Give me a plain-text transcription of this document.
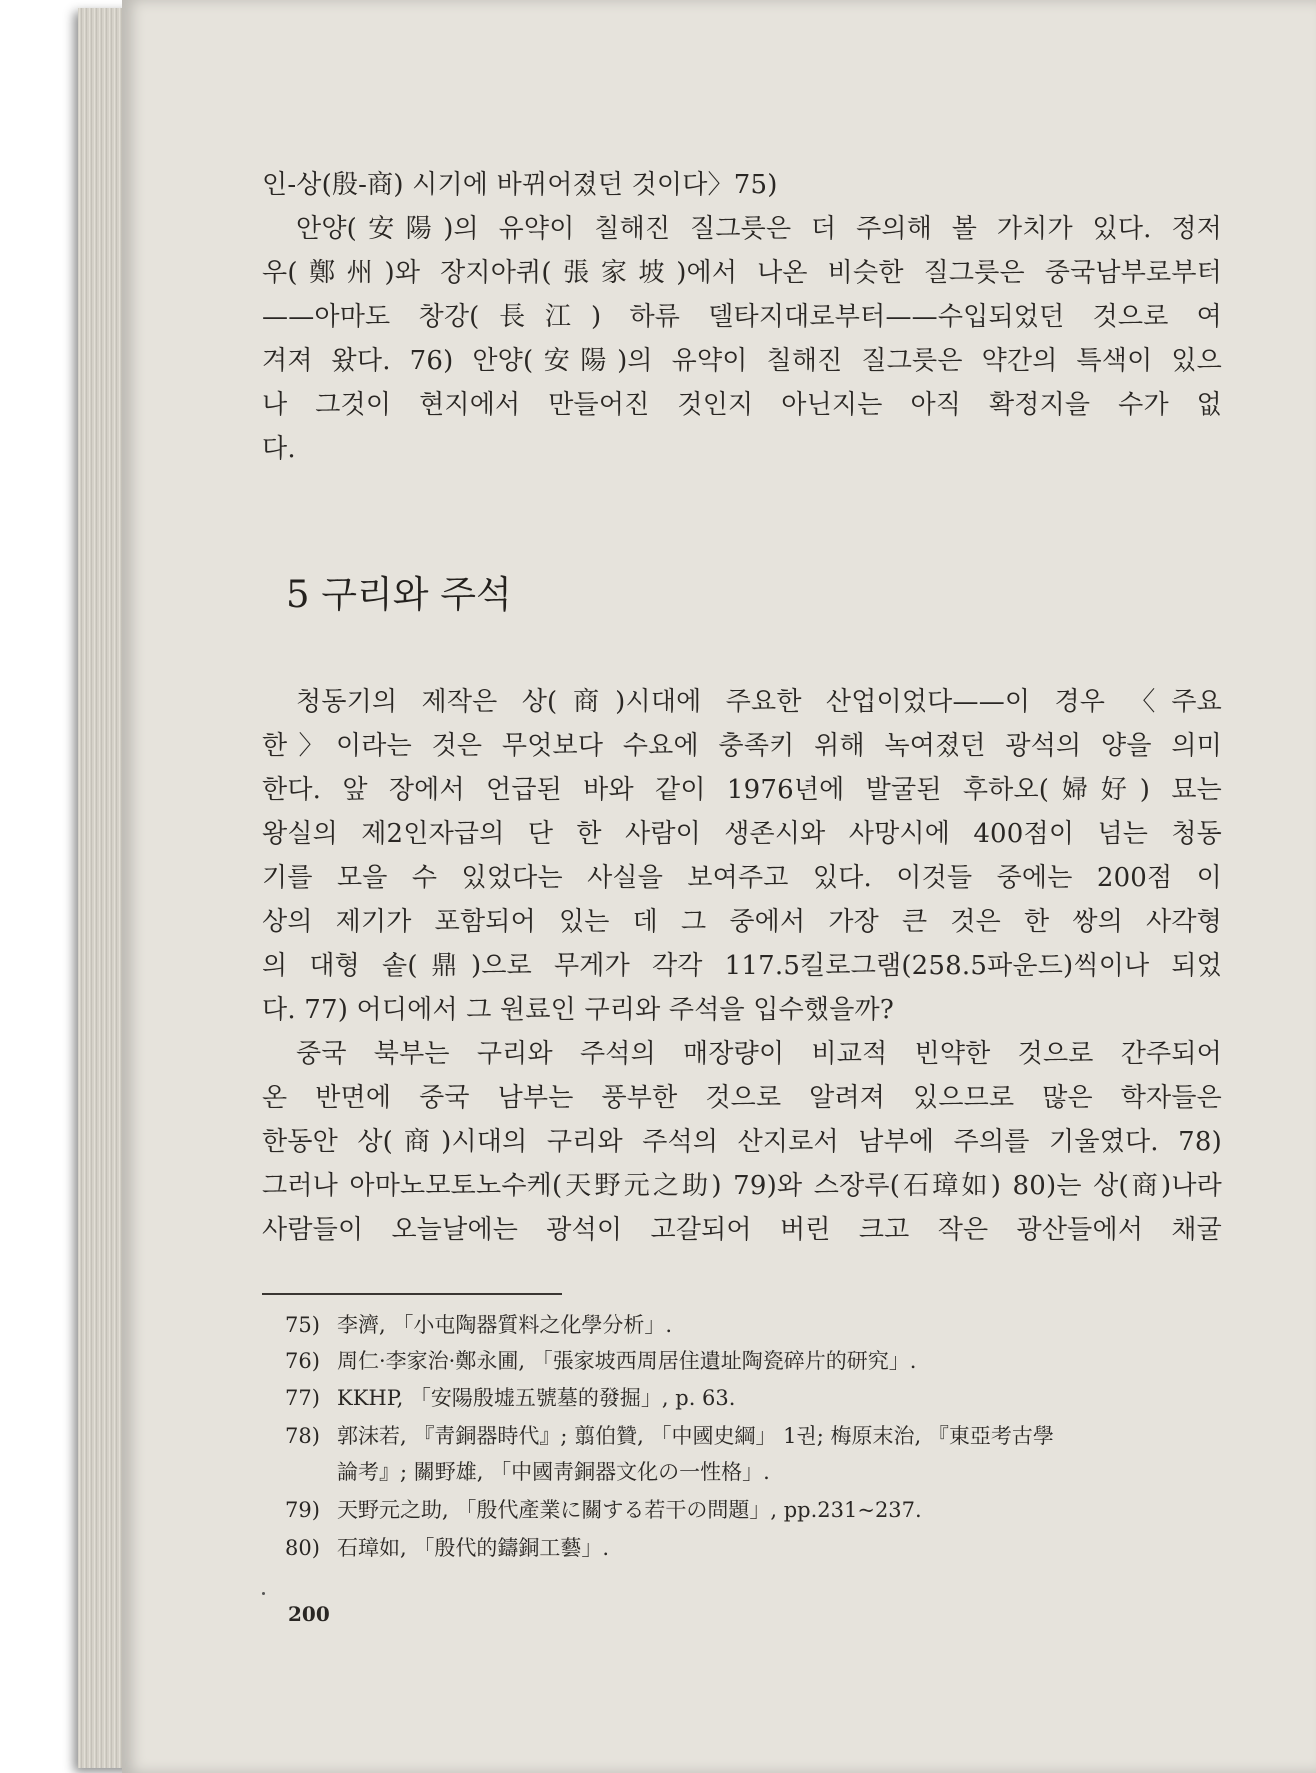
인-상(殷-商) 시기에 바뀌어졌던 것이다〉75)
안양(安陽)의 유약이 칠해진 질그릇은 더 주의해 볼 가치가 있다. 정저
우(鄭州)와 장지아퀴(張家坡)에서 나온 비슷한 질그릇은 중국남부로부터
——아마도 창강(長江) 하류 델타지대로부터——수입되었던 것으로 여
겨져 왔다. 76) 안양(安陽)의 유약이 칠해진 질그릇은 약간의 특색이 있으
나 그것이 현지에서 만들어진 것인지 아닌지는 아직 확정지을 수가 없
다.
5 구리와 주석
청동기의 제작은 상(商)시대에 주요한 산업이었다——이 경우 〈주요
한〉이라는 것은 무엇보다 수요에 충족키 위해 녹여졌던 광석의 양을 의미
한다. 앞 장에서 언급된 바와 같이 1976년에 발굴된 후하오(婦好) 묘는
왕실의 제2인자급의 단 한 사람이 생존시와 사망시에 400점이 넘는 청동
기를 모을 수 있었다는 사실을 보여주고 있다. 이것들 중에는 200점 이
상의 제기가 포함되어 있는 데 그 중에서 가장 큰 것은 한 쌍의 사각형
의 대형 솥(鼎)으로 무게가 각각 117.5킬로그램(258.5파운드)씩이나 되었
다. 77) 어디에서 그 원료인 구리와 주석을 입수했을까?
중국 북부는 구리와 주석의 매장량이 비교적 빈약한 것으로 간주되어
온 반면에 중국 남부는 풍부한 것으로 알려져 있으므로 많은 학자들은
한동안 상(商)시대의 구리와 주석의 산지로서 남부에 주의를 기울였다. 78)
그러나 아마노모토노수케(天野元之助) 79)와 스장루(石璋如) 80)는 상(商)나라
사람들이 오늘날에는 광석이 고갈되어 버린 크고 작은 광산들에서 채굴
75) 李濟, 「小屯陶器質料之化學分析」.
76) 周仁·李家治·鄭永圃, 「張家坡西周居住遺址陶瓷碎片的研究」.
77) KKHP, 「安陽殷墟五號墓的發掘」, p. 63.
78) 郭沫若, 『靑銅器時代』; 翦伯贊, 「中國史綱」 1권; 梅原末治, 『東亞考古學
論考』; 關野雄, 「中國靑銅器文化の一性格」.
79) 天野元之助, 「殷代產業に關する若干の問題」, pp.231~237.
80) 石璋如, 「殷代的鑄銅工藝」.
200
